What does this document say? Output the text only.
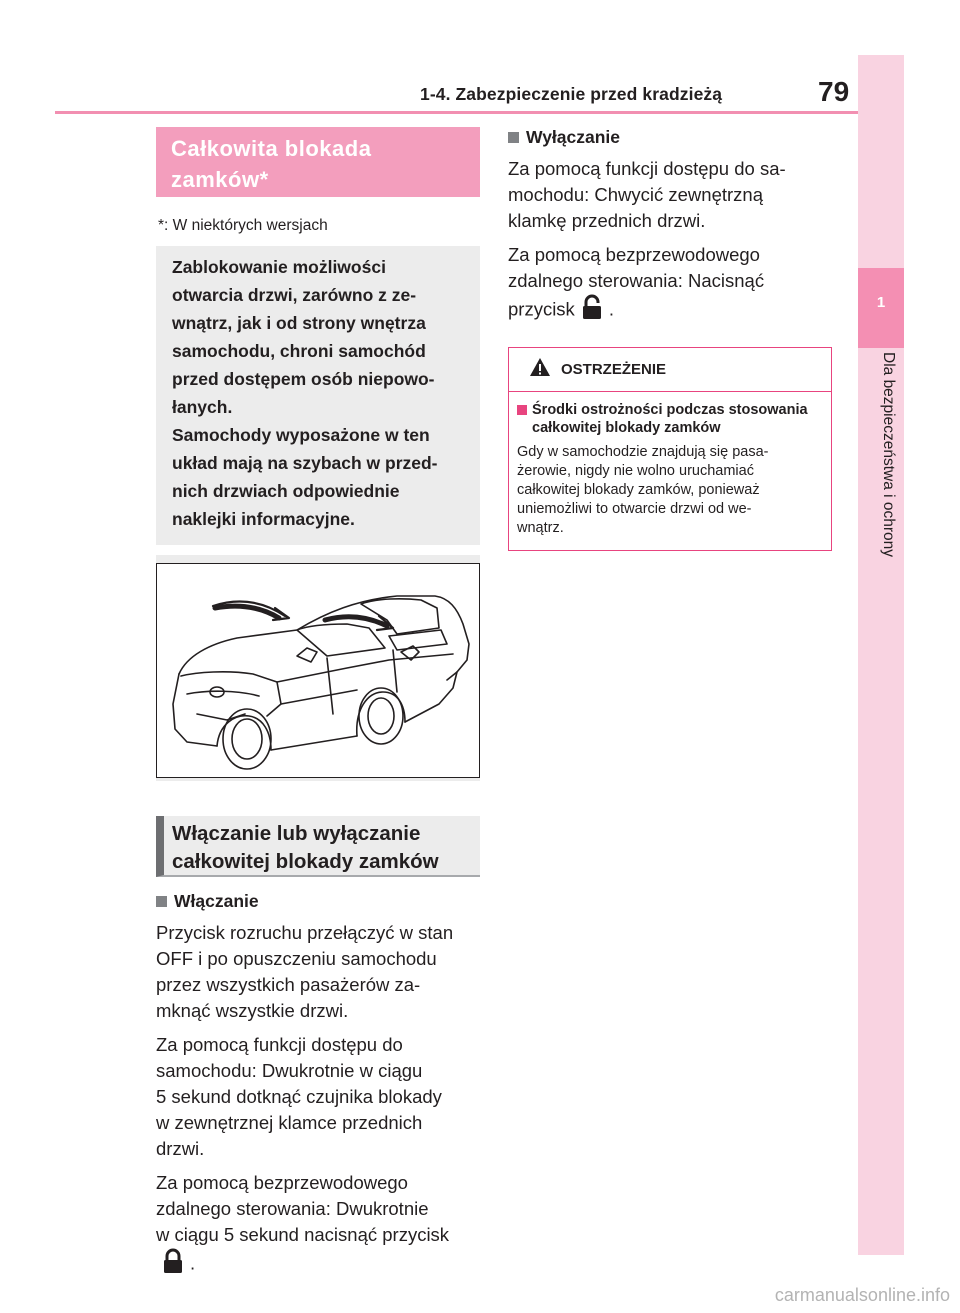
1-4. Zabezpieczenie przed kradzieżą	79
1
Dla bezpieczeństwa i ochrony
Całkowita blokada zamków*
*: W niektórych wersjach
Zablokowanie możliwości
otwarcia drzwi, zarówno z ze-
wnątrz, jak i od strony wnętrza
samochodu, chroni samochód
przed dostępem osób niepowo-
łanych.
Samochody wyposażone w ten
układ mają na szybach w przed-
nich drzwiach odpowiednie
naklejki informacyjne.
Włączanie lub wyłączanie całkowitej blokady zamków
Włączanie
Przycisk rozruchu przełączyć w stan
OFF i po opuszczeniu samochodu
przez wszystkich pasażerów za-
mknąć wszystkie drzwi.
Za pomocą funkcji dostępu do
samochodu: Dwukrotnie w ciągu
5 sekund dotknąć czujnika blokady
w zewnętrznej klamce przednich
drzwi.
Za pomocą bezprzewodowego
zdalnego sterowania: Dwukrotnie
w ciągu 5 sekund nacisnąć przycisk
.
Wyłączanie
Za pomocą funkcji dostępu do sa-
mochodu: Chwycić zewnętrzną
klamkę przednich drzwi.
Za pomocą bezprzewodowego
zdalnego sterowania: Nacisnąć
przycisk .
OSTRZEŻENIE
Środki ostrożności podczas stosowania całkowitej blokady zamków
Gdy w samochodzie znajdują się pasa-
żerowie, nigdy nie wolno uruchamiać
całkowitej blokady zamków, ponieważ
uniemożliwi to otwarcie drzwi od we-
wnątrz.
carmanualsonline.info
